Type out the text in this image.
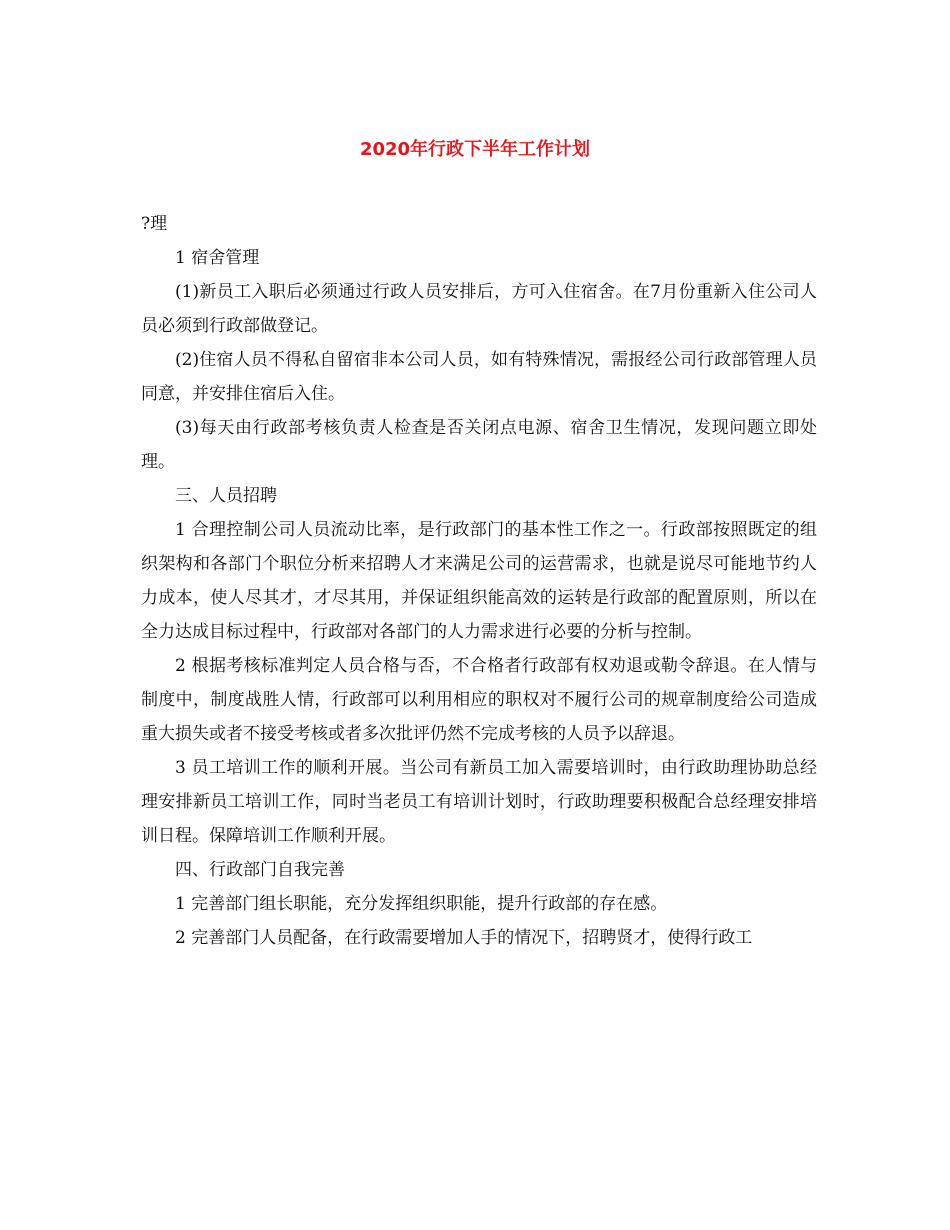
2020年行政下半年工作计划

?理

1 宿舍管理

(1)新员工入职后必须通过行政人员安排后，方可入住宿舍。在7月份重新入住公司人员必须到行政部做登记。

(2)住宿人员不得私自留宿非本公司人员，如有特殊情况，需报经公司行政部管理人员同意，并安排住宿后入住。

(3)每天由行政部考核负责人检查是否关闭点电源、宿舍卫生情况，发现问题立即处理。

三、人员招聘

1 合理控制公司人员流动比率，是行政部门的基本性工作之一。行政部按照既定的组织架构和各部门个职位分析来招聘人才来满足公司的运营需求，也就是说尽可能地节约人力成本，使人尽其才，才尽其用，并保证组织能高效的运转是行政部的配置原则，所以在全力达成目标过程中，行政部对各部门的人力需求进行必要的分析与控制。

2 根据考核标准判定人员合格与否，不合格者行政部有权劝退或勒令辞退。在人情与制度中，制度战胜人情，行政部可以利用相应的职权对不履行公司的规章制度给公司造成重大损失或者不接受考核或者多次批评仍然不完成考核的人员予以辞退。

3 员工培训工作的顺利开展。当公司有新员工加入需要培训时，由行政助理协助总经理安排新员工培训工作，同时当老员工有培训计划时，行政助理要积极配合总经理安排培训日程。保障培训工作顺利开展。

四、行政部门自我完善

1 完善部门组长职能，充分发挥组织职能，提升行政部的存在感。

2 完善部门人员配备，在行政需要增加人手的情况下，招聘贤才，使得行政工
